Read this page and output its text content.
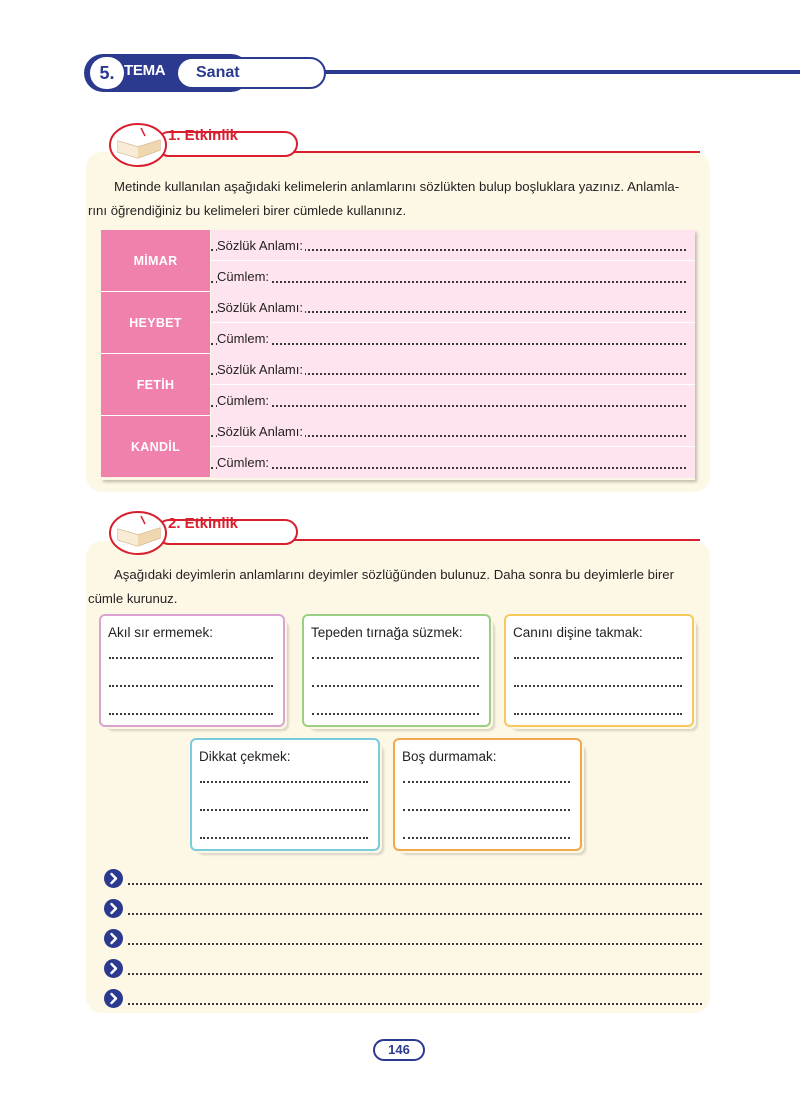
5. TEMA Sanat
1. Etkinlik
Metinde kullanılan aşağıdaki kelimelerin anlamlarını sözlükten bulup boşluklara yazınız. Anlamla-
rını öğrendiğiniz bu kelimeleri birer cümlede kullanınız.
MİMAR
Sözlük Anlamı:
Cümlem:
HEYBET
Sözlük Anlamı:
Cümlem:
FETİH
Sözlük Anlamı:
Cümlem:
KANDİL
Sözlük Anlamı:
Cümlem:
2. Etkinlik
Aşağıdaki deyimlerin anlamlarını deyimler sözlüğünden bulunuz. Daha sonra bu deyimlerle birer
cümle kurunuz.
Akıl sır ermemek:	Tepeden tırnağa süzmek:	Canını dişine takmak:
Dikkat çekmek:	Boş durmamak:
146
